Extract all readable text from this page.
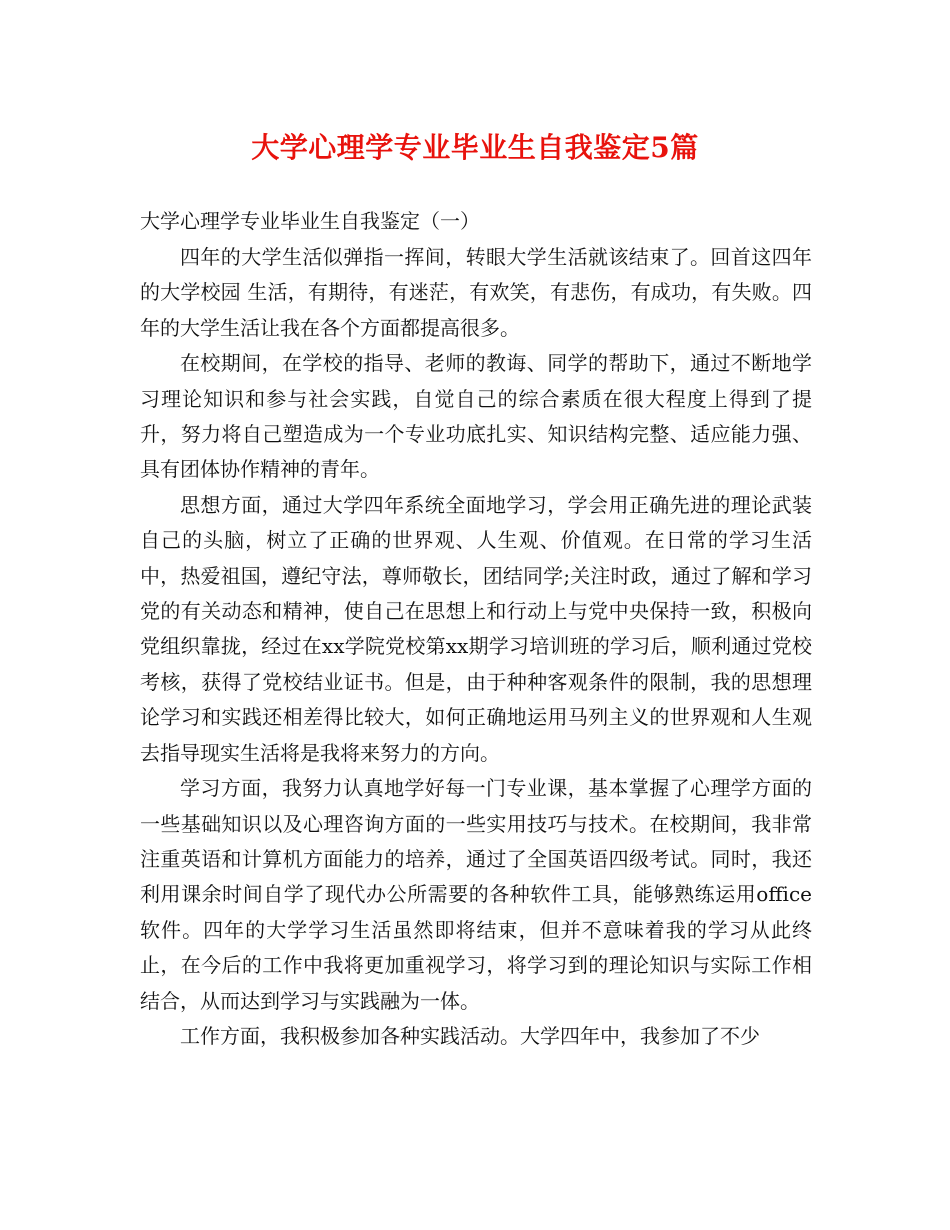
大学心理学专业毕业生自我鉴定5篇
大学心理学专业毕业生自我鉴定（一）

四年的大学生活似弹指一挥间，转眼大学生活就该结束了。回首这四年的大学校园 生活，有期待，有迷茫，有欢笑，有悲伤，有成功，有失败。四年的大学生活让我在各个方面都提高很多。

在校期间，在学校的指导、老师的教诲、同学的帮助下，通过不断地学习理论知识和参与社会实践，自觉自己的综合素质在很大程度上得到了提升，努力将自己塑造成为一个专业功底扎实、知识结构完整、适应能力强、具有团体协作精神的青年。

思想方面，通过大学四年系统全面地学习，学会用正确先进的理论武装自己的头脑，树立了正确的世界观、人生观、价值观。在日常的学习生活中，热爱祖国，遵纪守法，尊师敬长，团结同学;关注时政，通过了解和学习党的有关动态和精神，使自己在思想上和行动上与党中央保持一致，积极向党组织靠拢，经过在xx学院党校第xx期学习培训班的学习后，顺利通过党校考核，获得了党校结业证书。但是，由于种种客观条件的限制，我的思想理论学习和实践还相差得比较大，如何正确地运用马列主义的世界观和人生观去指导现实生活将是我将来努力的方向。

学习方面，我努力认真地学好每一门专业课，基本掌握了心理学方面的一些基础知识以及心理咨询方面的一些实用技巧与技术。在校期间，我非常注重英语和计算机方面能力的培养，通过了全国英语四级考试。同时，我还利用课余时间自学了现代办公所需要的各种软件工具，能够熟练运用office软件。四年的大学学习生活虽然即将结束，但并不意味着我的学习从此终止，在今后的工作中我将更加重视学习，将学习到的理论知识与实际工作相结合，从而达到学习与实践融为一体。

工作方面，我积极参加各种实践活动。大学四年中，我参加了不少
